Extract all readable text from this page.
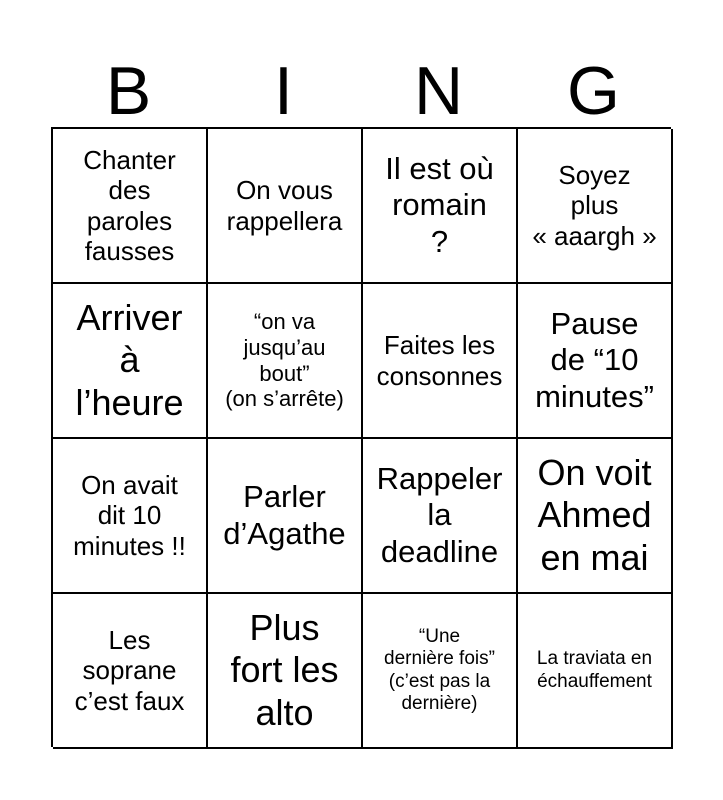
B	I	N	G
Chanter
des
paroles
fausses
On vous
rappellera
Il est où
romain
?
Soyez
plus
« aaargh »
Arriver
à
l’heure
“on va
jusqu’au
bout”
(on s’arrête)
Faites les
consonnes
Pause
de “10
minutes”
On avait
dit 10
minutes !!
Parler
d’Agathe
Rappeler
la
deadline
On voit
Ahmed
en mai
Les
soprane
c’est faux
Plus
fort les
alto
“Une
dernière fois”
(c’est pas la
dernière)
La traviata en
échauffement
